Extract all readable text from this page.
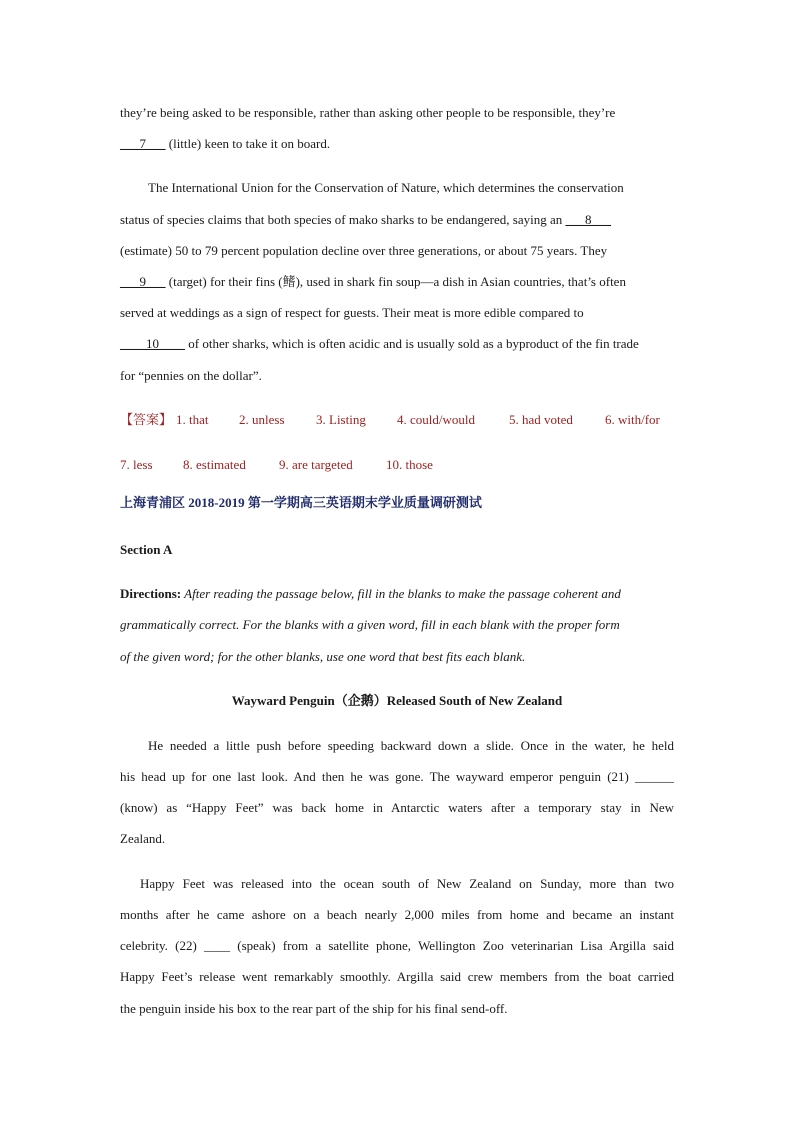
they’re being asked to be responsible, rather than asking other people to be responsible, they’re
___7___ (little) keen to take it on board.
The International Union for the Conservation of Nature, which determines the conservation
status of species claims that both species of mako sharks to be endangered, saying an ___8___
(estimate) 50 to 79 percent population decline over three generations, or about 75 years. They
___9___ (target) for their fins (鳍), used in shark fin soup—a dish in Asian countries, that’s often
served at weddings as a sign of respect for guests. Their meat is more edible compared to
____10____ of other sharks, which is often acidic and is usually sold as a byproduct of the fin trade
for “pennies on the dollar”.
【答案】 1. that 2. unless 3. Listing 4. could/would	5. had voted 6. with/for
7. less 8. estimated	9. are targeted	10. those
上海青浦区 2018-2019 第一学期高三英语期末学业质量调研测试
Section A
Directions: After reading the passage below, fill in the blanks to make the passage coherent and
grammatically correct. For the blanks with a given word, fill in each blank with the proper form
of the given word; for the other blanks, use one word that best fits each blank.
Wayward Penguin（企鹅）Released South of New Zealand
He needed a little push before speeding backward down a slide. Once in the water, he held
his head up for one last look. And then he was gone. The wayward emperor penguin (21) ______
(know) as “Happy Feet” was back home in Antarctic waters after a temporary stay in New
Zealand.
Happy Feet was released into the ocean south of New Zealand on Sunday, more than two
months after he came ashore on a beach nearly 2,000 miles from home and became an instant
celebrity. (22) ____ (speak) from a satellite phone, Wellington Zoo veterinarian Lisa Argilla said
Happy Feet’s release went remarkably smoothly. Argilla said crew members from the boat carried
the penguin inside his box to the rear part of the ship for his final send-off.
